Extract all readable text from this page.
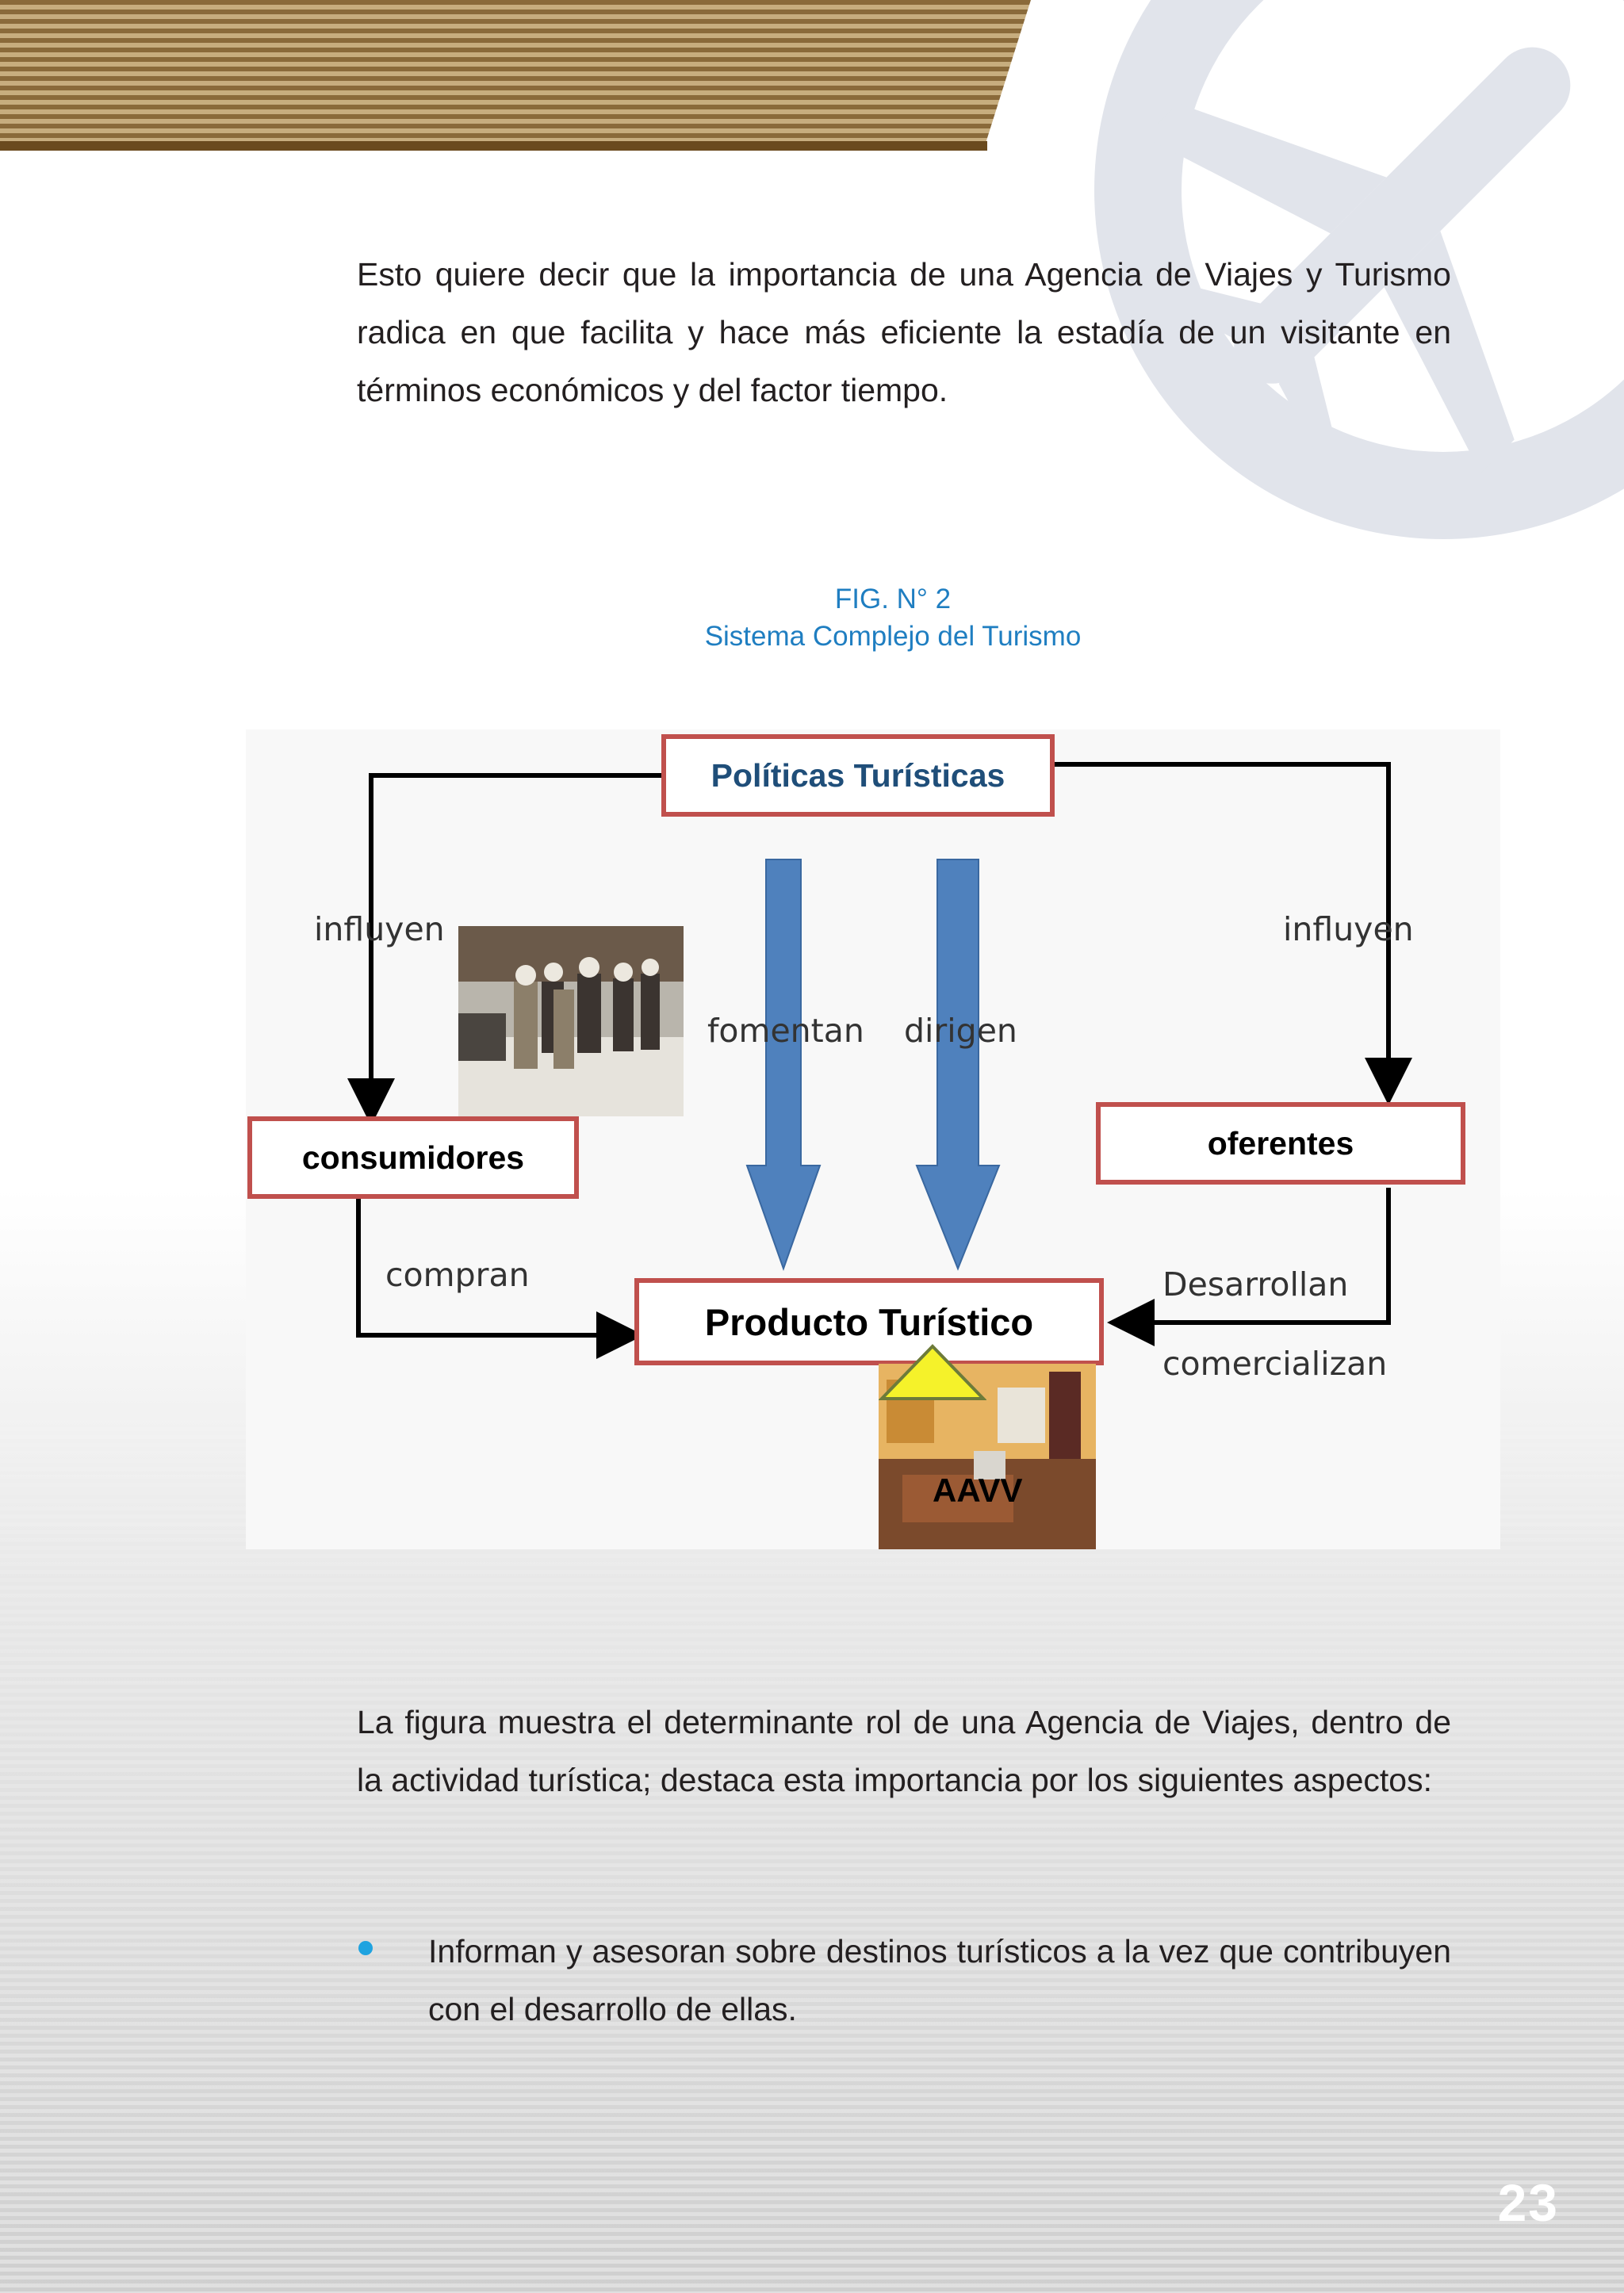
Esto quiere decir que la importancia de una Agencia de Viajes y Turismo radica en que facilita y hace más eficiente la estadía de un visitante en términos económicos y del factor tiempo.

FIG. N° 2
Sistema Complejo del Turismo
Políticas Turísticas
consumidores	oferentes
Producto Turístico
AAVV
influyen	influyen
fomentan dirigen
compran	Desarrollan
comercializan

La figura muestra el determinante rol de una Agencia de Viajes, dentro de la actividad turística; destaca esta importancia por los siguientes aspectos:

Informan y asesoran sobre destinos turísticos a la vez que contribuyen con el desarrollo de ellas.

23
